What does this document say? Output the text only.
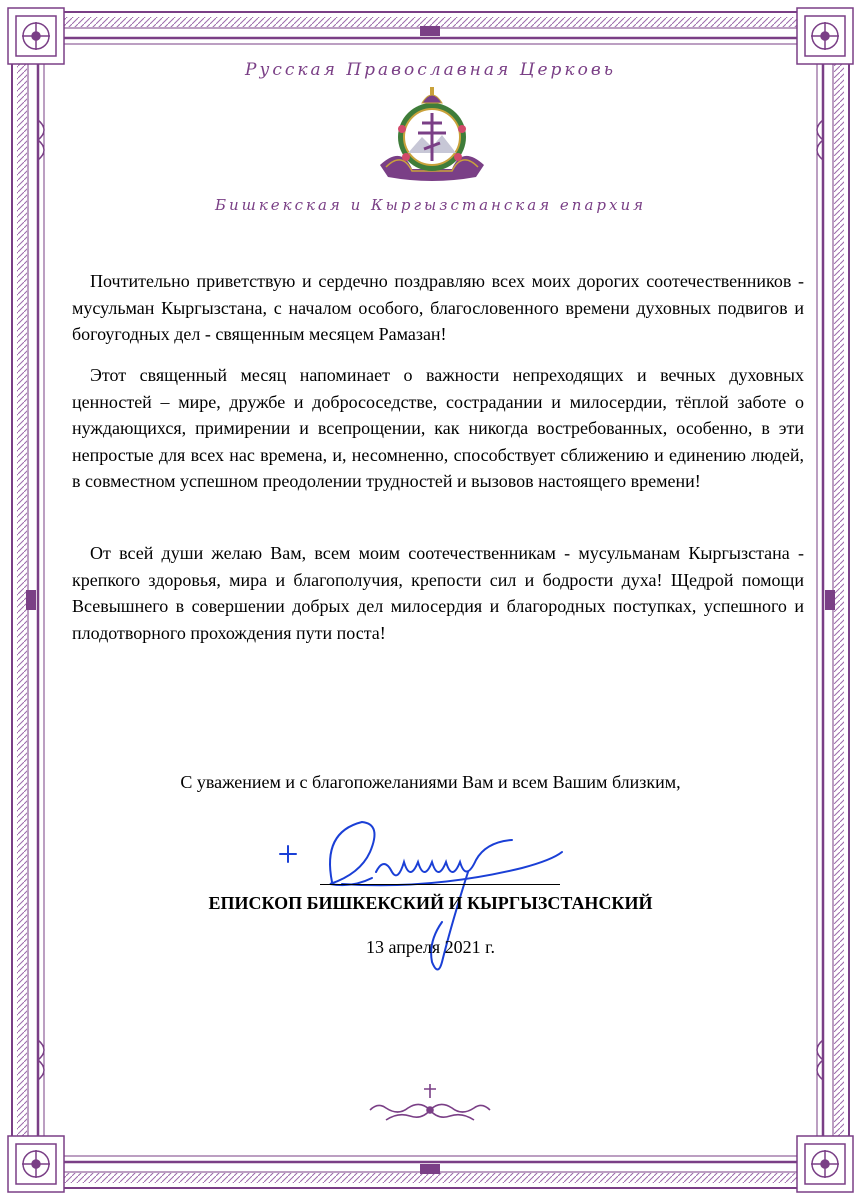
Русская Православная Церковь
Бишкекская и Кыргызстанская епархия

Почтительно приветствую и сердечно поздравляю всех моих дорогих соотечественников - мусульман Кыргызстана, с началом особого, благословенного времени духовных подвигов и богоугодных дел - священным месяцем Рамазан!

Этот священный месяц напоминает о важности непреходящих и вечных духовных ценностей – мире, дружбе и добрососедстве, сострадании и милосердии, тёплой заботе о нуждающихся, примирении и всепрощении, как никогда востребованных, особенно, в эти непростые для всех нас времена, и, несомненно, способствует сближению и единению людей, в совместном успешном преодолении трудностей и вызовов настоящего времени!

От всей души желаю Вам, всем моим соотечественникам - мусульманам Кыргызстана - крепкого здоровья, мира и благополучия, крепости сил и бодрости духа! Щедрой помощи Всевышнего в совершении добрых дел милосердия и благородных поступках, успешного и плодотворного прохождения пути поста!

С уважением и с благопожеланиями Вам и всем Вашим близким,
ЕПИСКОП БИШКЕКСКИЙ И КЫРГЫЗСТАНСКИЙ
13 апреля 2021 г.
